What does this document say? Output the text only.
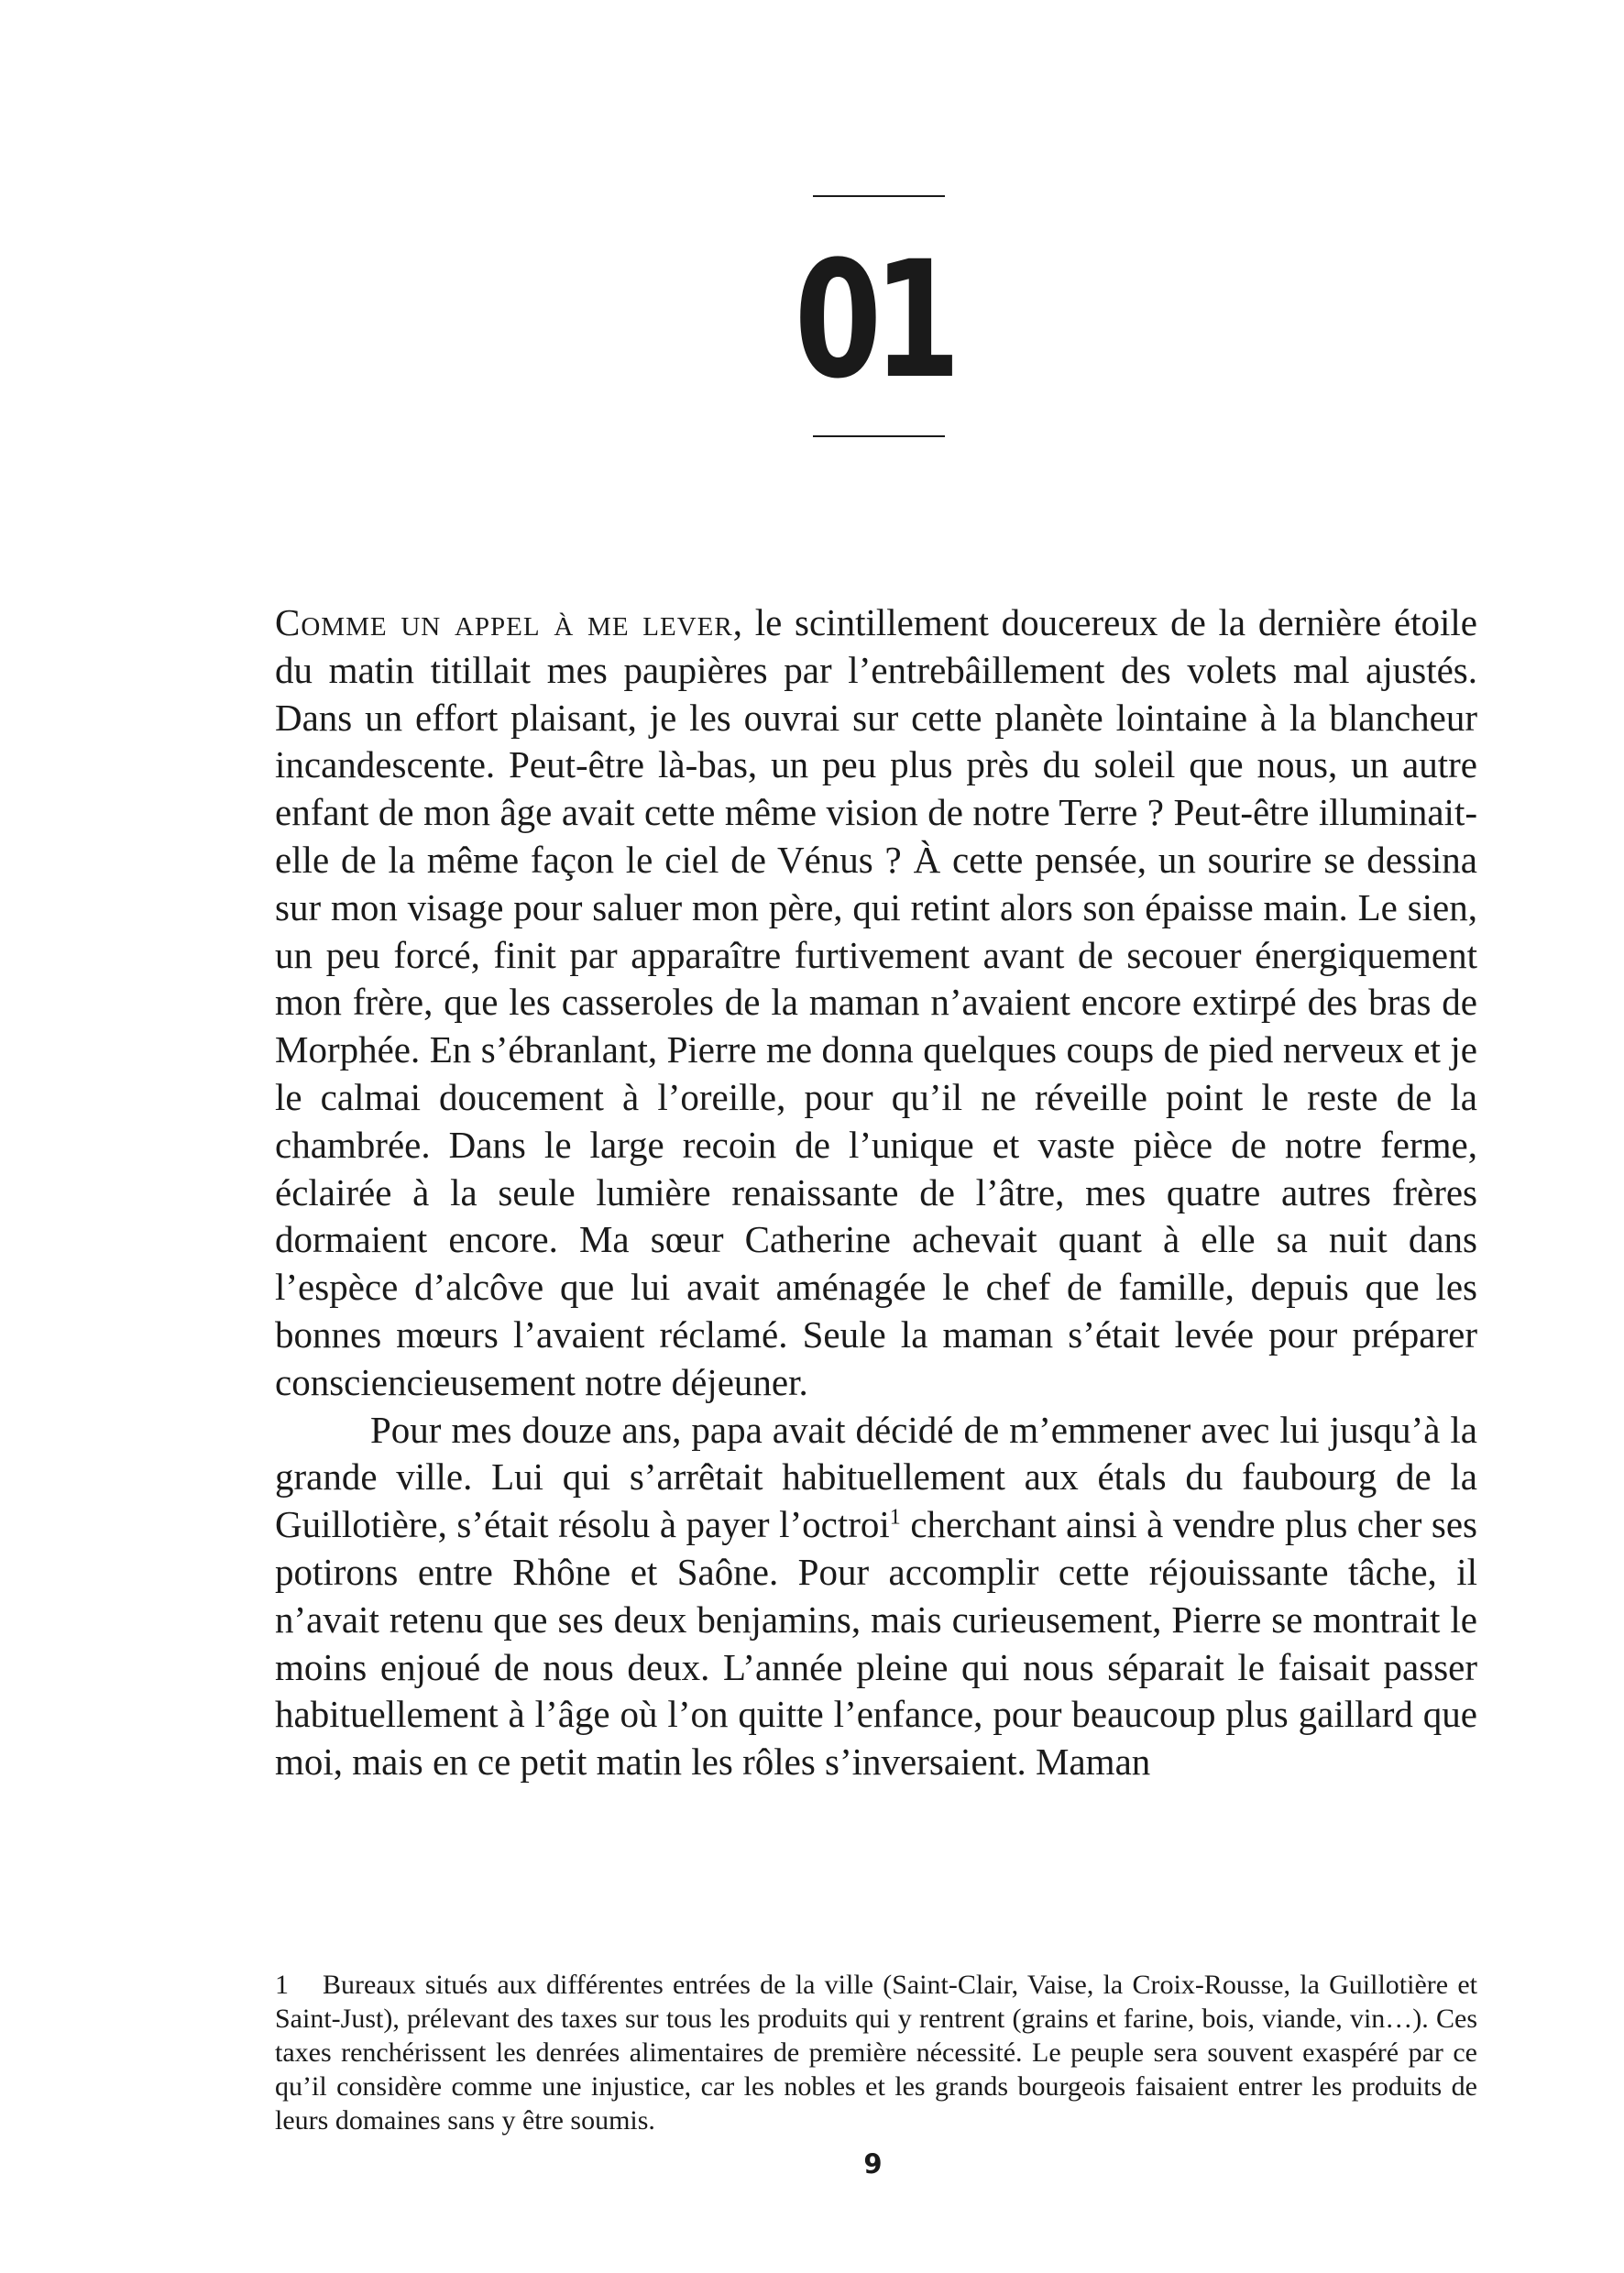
01

Comme un appel à me lever, le scintillement doucereux de la dernière étoile du matin titillait mes paupières par l’entrebâillement des volets mal ajustés. Dans un effort plaisant, je les ouvrai sur cette planète lointaine à la blancheur incandescente. Peut-être là-bas, un peu plus près du soleil que nous, un autre enfant de mon âge avait cette même vision de notre Terre ? Peut-être illuminait-elle de la même façon le ciel de Vénus ? À cette pensée, un sourire se dessina sur mon visage pour saluer mon père, qui retint alors son épaisse main. Le sien, un peu forcé, finit par apparaître furtivement avant de secouer énergiquement mon frère, que les casseroles de la maman n’avaient encore extirpé des bras de Morphée. En s’ébranlant, Pierre me donna quelques coups de pied nerveux et je le calmai doucement à l’oreille, pour qu’il ne réveille point le reste de la chambrée. Dans le large recoin de l’unique et vaste pièce de notre ferme, éclairée à la seule lumière renaissante de l’âtre, mes quatre autres frères dormaient encore. Ma sœur Catherine achevait quant à elle sa nuit dans l’espèce d’alcôve que lui avait aménagée le chef de famille, depuis que les bonnes mœurs l’avaient réclamé. Seule la maman s’était levée pour préparer consciencieusement notre déjeuner.

Pour mes douze ans, papa avait décidé de m’emmener avec lui jusqu’à la grande ville. Lui qui s’arrêtait habituellement aux étals du faubourg de la Guillotière, s’était résolu à payer l’octroi$^1$ cherchant ainsi à vendre plus cher ses potirons entre Rhône et Saône. Pour accomplir cette réjouissante tâche, il n’avait retenu que ses deux benjamins, mais curieusement, Pierre se montrait le moins enjoué de nous deux. L’année pleine qui nous séparait le faisait passer habituellement à l’âge où l’on quitte l’enfance, pour beaucoup plus gaillard que moi, mais en ce petit matin les rôles s’inversaient. Maman

1 Bureaux situés aux différentes entrées de la ville (Saint-Clair, Vaise, la Croix-Rousse, la Guillotière et Saint-Just), prélevant des taxes sur tous les produits qui y rentrent (grains et farine, bois, viande, vin…). Ces taxes renchérissent les denrées alimentaires de première nécessité. Le peuple sera souvent exaspéré par ce qu’il considère comme une injustice, car les nobles et les grands bourgeois faisaient entrer les produits de leurs domaines sans y être soumis.

9
